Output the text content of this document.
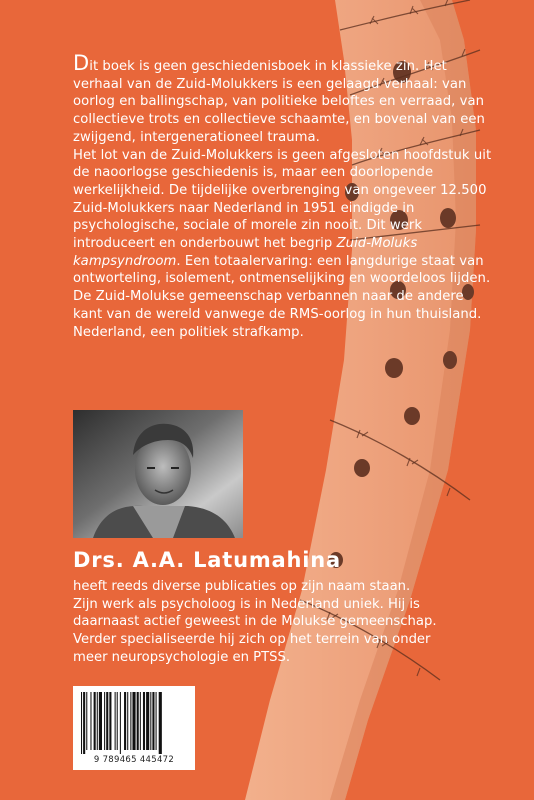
Dit boek is geen geschiedenisboek in klassieke zin. Het verhaal van de Zuid-Molukkers is een gelaagd verhaal: van oorlog en ballingschap, van politieke beloftes en verraad, van collectieve trots en collectieve schaamte, en bovenal van een zwijgend, intergenerationeel trauma.

Het lot van de Zuid-Molukkers is geen afgesloten hoofdstuk uit de naoorlogse geschiedenis is, maar een doorlopende werkelijkheid. De tijdelijke overbrenging van ongeveer 12.500 Zuid-Molukkers naar Nederland in 1951 eindigde in psychologische, sociale of morele zin nooit. Dit werk introduceert en onderbouwt het begrip Zuid-Moluks kampsyndroom. Een totaalervaring: een langdurige staat van ontworteling, isolement, ontmenselijking en woordeloos lijden. De Zuid-Molukse gemeenschap verbannen naar de andere kant van de wereld vanwege de RMS-oorlog in hun thuisland. Nederland, een politiek strafkamp.

Drs. A.A. Latumahina

heeft reeds diverse publicaties op zijn naam staan.

Zijn werk als psycholoog is in Nederland uniek. Hij is

daarnaast actief geweest in de Molukse gemeenschap.

Verder specialiseerde hij zich op het terrein van onder

meer neuropsychologie en PTSS.

9 789465 445472
boek·scout
